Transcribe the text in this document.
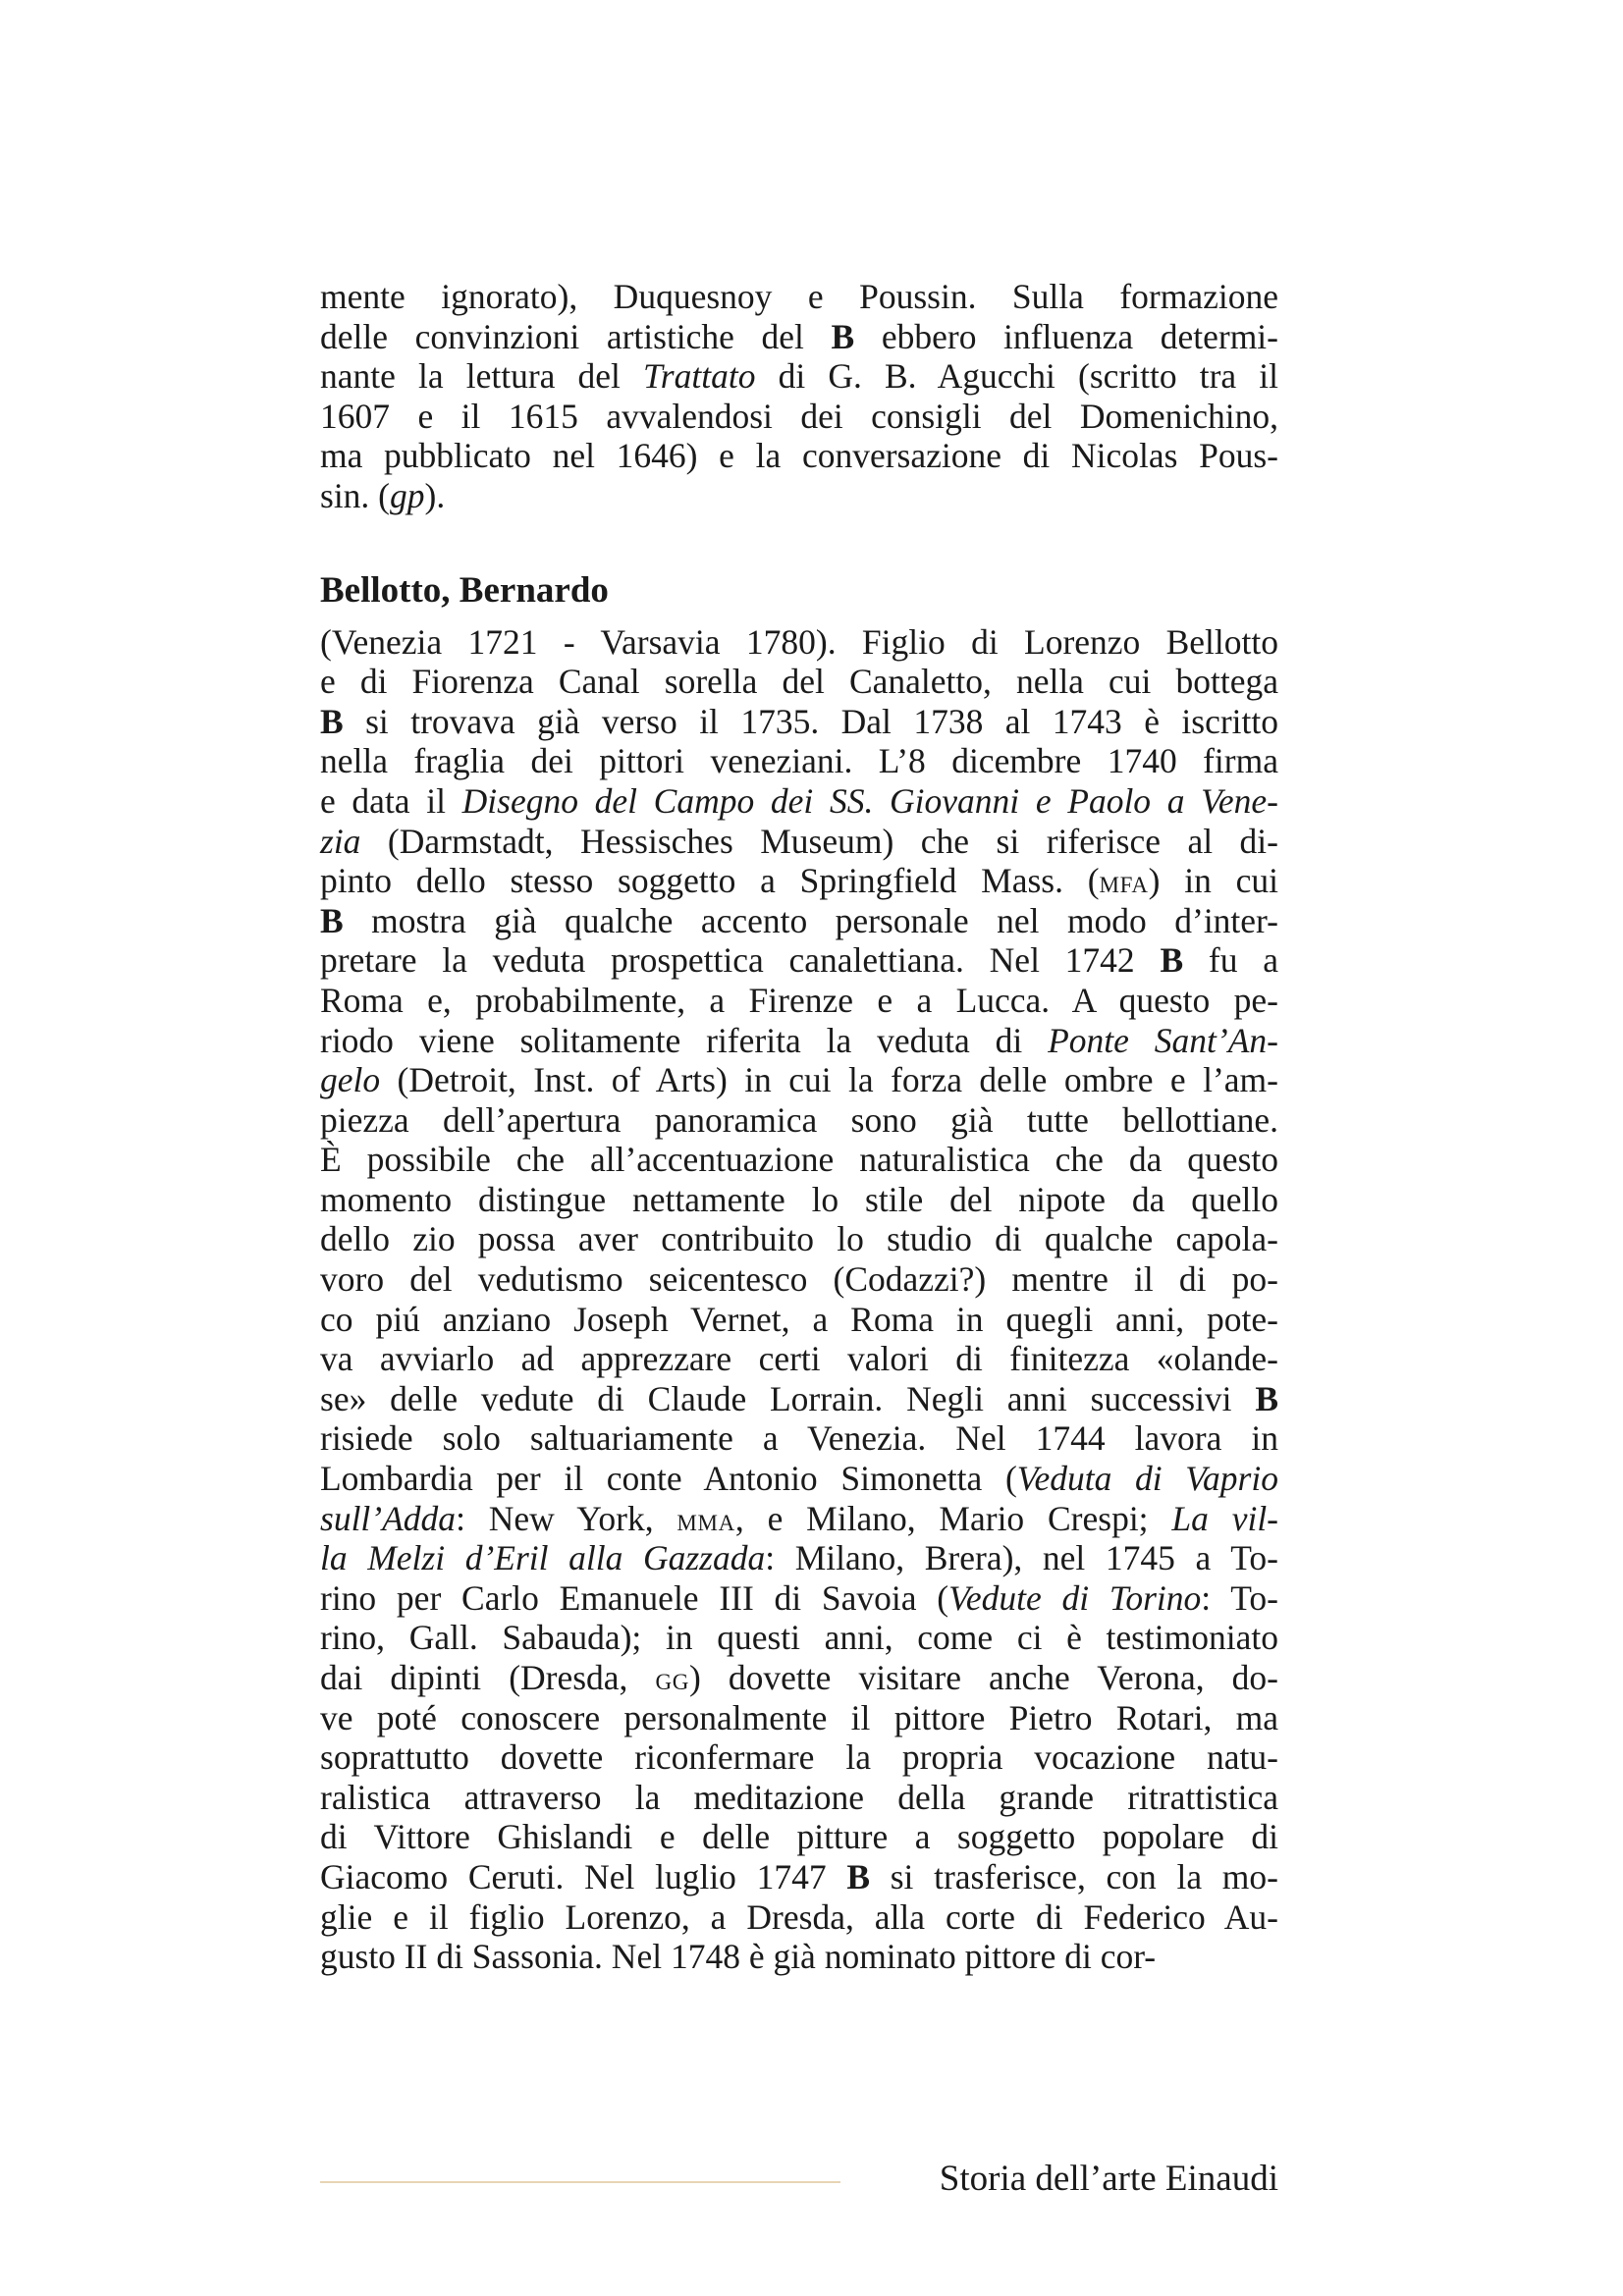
mente ignorato), Duquesnoy e Poussin. Sulla formazione
delle convinzioni artistiche del B ebbero influenza determi-
nante la lettura del Trattato di G. B. Agucchi (scritto tra il
1607 e il 1615 avvalendosi dei consigli del Domenichino,
ma pubblicato nel 1646) e la conversazione di Nicolas Pous-
sin. (gp).
Bellotto, Bernardo
(Venezia 1721 - Varsavia 1780). Figlio di Lorenzo Bellotto
e di Fiorenza Canal sorella del Canaletto, nella cui bottega
B si trovava già verso il 1735. Dal 1738 al 1743 è iscritto
nella fraglia dei pittori veneziani. L’8 dicembre 1740 firma
e data il Disegno del Campo dei SS. Giovanni e Paolo a Vene-
zia (Darmstadt, Hessisches Museum) che si riferisce al di-
pinto dello stesso soggetto a Springfield Mass. (mfa) in cui
B mostra già qualche accento personale nel modo d’inter-
pretare la veduta prospettica canalettiana. Nel 1742 B fu a
Roma e, probabilmente, a Firenze e a Lucca. A questo pe-
riodo viene solitamente riferita la veduta di Ponte Sant’An-
gelo (Detroit, Inst. of Arts) in cui la forza delle ombre e l’am-
piezza dell’apertura panoramica sono già tutte bellottiane.
È possibile che all’accentuazione naturalistica che da questo
momento distingue nettamente lo stile del nipote da quello
dello zio possa aver contribuito lo studio di qualche capola-
voro del vedutismo seicentesco (Codazzi?) mentre il di po-
co piú anziano Joseph Vernet, a Roma in quegli anni, pote-
va avviarlo ad apprezzare certi valori di finitezza «olande-
se» delle vedute di Claude Lorrain. Negli anni successivi B
risiede solo saltuariamente a Venezia. Nel 1744 lavora in
Lombardia per il conte Antonio Simonetta (Veduta di Vaprio
sull’Adda: New York, mma, e Milano, Mario Crespi; La vil-
la Melzi d’Eril alla Gazzada: Milano, Brera), nel 1745 a To-
rino per Carlo Emanuele III di Savoia (Vedute di Torino: To-
rino, Gall. Sabauda); in questi anni, come ci è testimoniato
dai dipinti (Dresda, gg) dovette visitare anche Verona, do-
ve poté conoscere personalmente il pittore Pietro Rotari, ma
soprattutto dovette riconfermare la propria vocazione natu-
ralistica attraverso la meditazione della grande ritrattistica
di Vittore Ghislandi e delle pitture a soggetto popolare di
Giacomo Ceruti. Nel luglio 1747 B si trasferisce, con la mo-
glie e il figlio Lorenzo, a Dresda, alla corte di Federico Au-
gusto II di Sassonia. Nel 1748 è già nominato pittore di cor-
Storia dell’arte Einaudi
